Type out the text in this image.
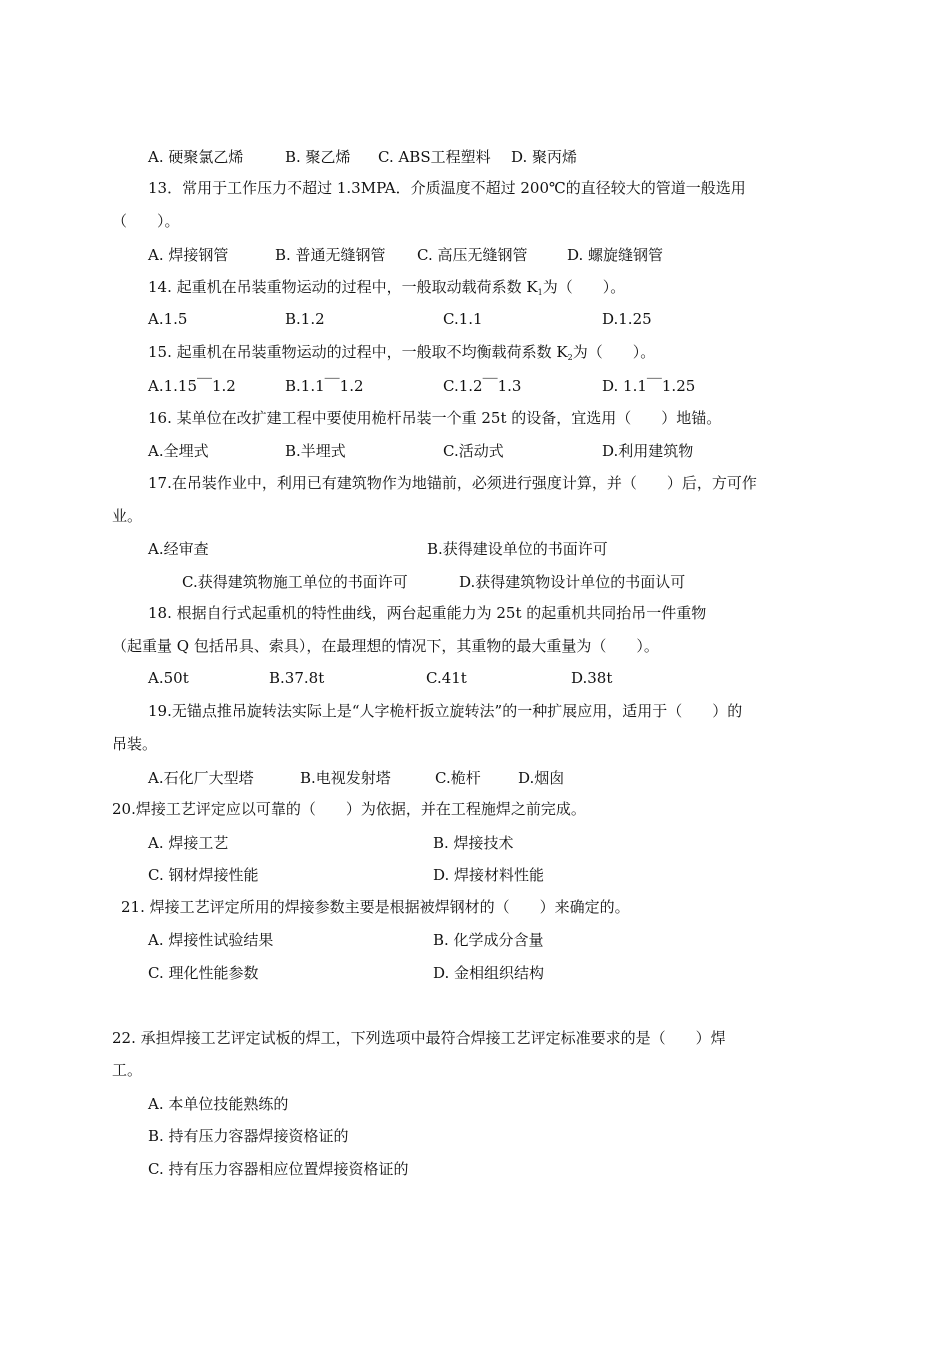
A. 硬聚氯乙烯	B. 聚乙烯 C. ABS工程塑料 D. 聚丙烯
13．常用于工作压力不超过 1.3MPA．介质温度不超过 200℃的直径较大的管道一般选用
（　　）。
A. 焊接钢管	B. 普通无缝钢管 C. 高压无缝钢管	D. 螺旋缝钢管
14. 起重机在吊装重物运动的过程中，一般取动载荷系数 $K_1$为（　　）。
A.1.5	B.1.2	C.1.1	D.1.25
15. 起重机在吊装重物运动的过程中，一般取不均衡载荷系数 $K_2$为（　　）。
A.1.15￣1.2	B.1.1￣1.2	C.1.2￣1.3	D. 1.1￣1.25
16. 某单位在改扩建工程中要使用桅杆吊装一个重 25t 的设备，宜选用（　　）地锚。
A.全埋式	B.半埋式	C.活动式	D.利用建筑物
17.在吊装作业中，利用已有建筑物作为地锚前，必须进行强度计算，并（　　）后，方可作
业。
A.经审查	B.获得建设单位的书面许可
C.获得建筑物施工单位的书面许可	D.获得建筑物设计单位的书面认可
18. 根据自行式起重机的特性曲线，两台起重能力为 25t 的起重机共同抬吊一件重物
（起重量 Q 包括吊具、索具），在最理想的情况下，其重物的最大重量为（　　）。
A.50t	B.37.8t	C.41t	D.38t
19.无锚点推吊旋转法实际上是“人字桅杆扳立旋转法”的一种扩展应用，适用于（　　）的
吊装。
A.石化厂大型塔	B.电视发射塔	C.桅杆 D.烟囱
20.焊接工艺评定应以可靠的（　　）为依据，并在工程施焊之前完成。
A. 焊接工艺	B. 焊接技术
C. 钢材焊接性能	D. 焊接材料性能
21. 焊接工艺评定所用的焊接参数主要是根据被焊钢材的（　　）来确定的。
A. 焊接性试验结果	B. 化学成分含量
C. 理化性能参数	D. 金相组织结构
22. 承担焊接工艺评定试板的焊工，下列选项中最符合焊接工艺评定标准要求的是（　　）焊
工。
A. 本单位技能熟练的
B. 持有压力容器焊接资格证的
C. 持有压力容器相应位置焊接资格证的
